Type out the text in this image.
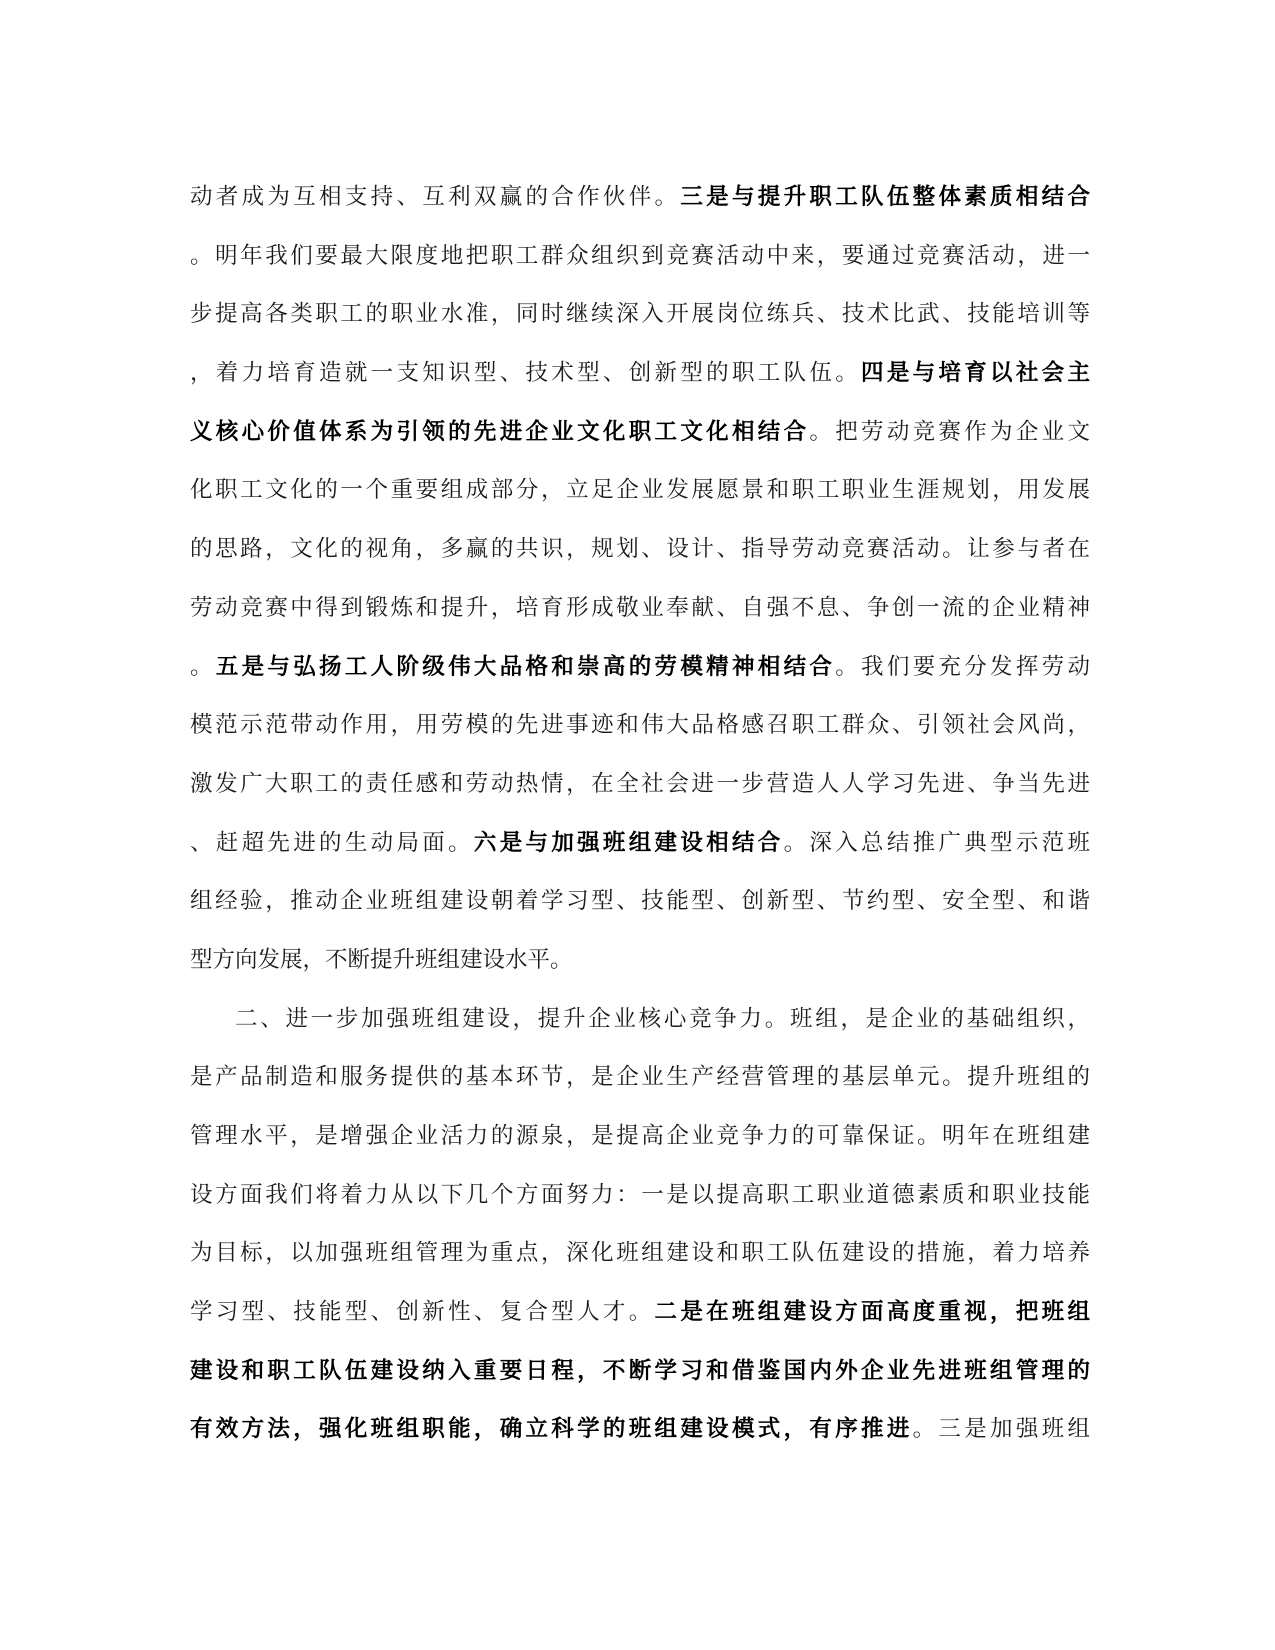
动者成为互相支持、互利双赢的合作伙伴。三是与提升职工队伍整体素质相结合
。明年我们要最大限度地把职工群众组织到竞赛活动中来，要通过竞赛活动，进一
步提高各类职工的职业水准，同时继续深入开展岗位练兵、技术比武、技能培训等
，着力培育造就一支知识型、技术型、创新型的职工队伍。四是与培育以社会主
义核心价值体系为引领的先进企业文化职工文化相结合。把劳动竞赛作为企业文
化职工文化的一个重要组成部分，立足企业发展愿景和职工职业生涯规划，用发展
的思路，文化的视角，多赢的共识，规划、设计、指导劳动竞赛活动。让参与者在
劳动竞赛中得到锻炼和提升，培育形成敬业奉献、自强不息、争创一流的企业精神
。五是与弘扬工人阶级伟大品格和崇高的劳模精神相结合。我们要充分发挥劳动
模范示范带动作用，用劳模的先进事迹和伟大品格感召职工群众、引领社会风尚，
激发广大职工的责任感和劳动热情，在全社会进一步营造人人学习先进、争当先进
、赶超先进的生动局面。六是与加强班组建设相结合。深入总结推广典型示范班
组经验，推动企业班组建设朝着学习型、技能型、创新型、节约型、安全型、和谐
型方向发展，不断提升班组建设水平。
二、进一步加强班组建设，提升企业核心竞争力。班组，是企业的基础组织，
是产品制造和服务提供的基本环节，是企业生产经营管理的基层单元。提升班组的
管理水平，是增强企业活力的源泉，是提高企业竞争力的可靠保证。明年在班组建
设方面我们将着力从以下几个方面努力：一是以提高职工职业道德素质和职业技能
为目标，以加强班组管理为重点，深化班组建设和职工队伍建设的措施，着力培养
学习型、技能型、创新性、复合型人才。二是在班组建设方面高度重视，把班组
建设和职工队伍建设纳入重要日程，不断学习和借鉴国内外企业先进班组管理的
有效方法，强化班组职能，确立科学的班组建设模式，有序推进。三是加强班组
